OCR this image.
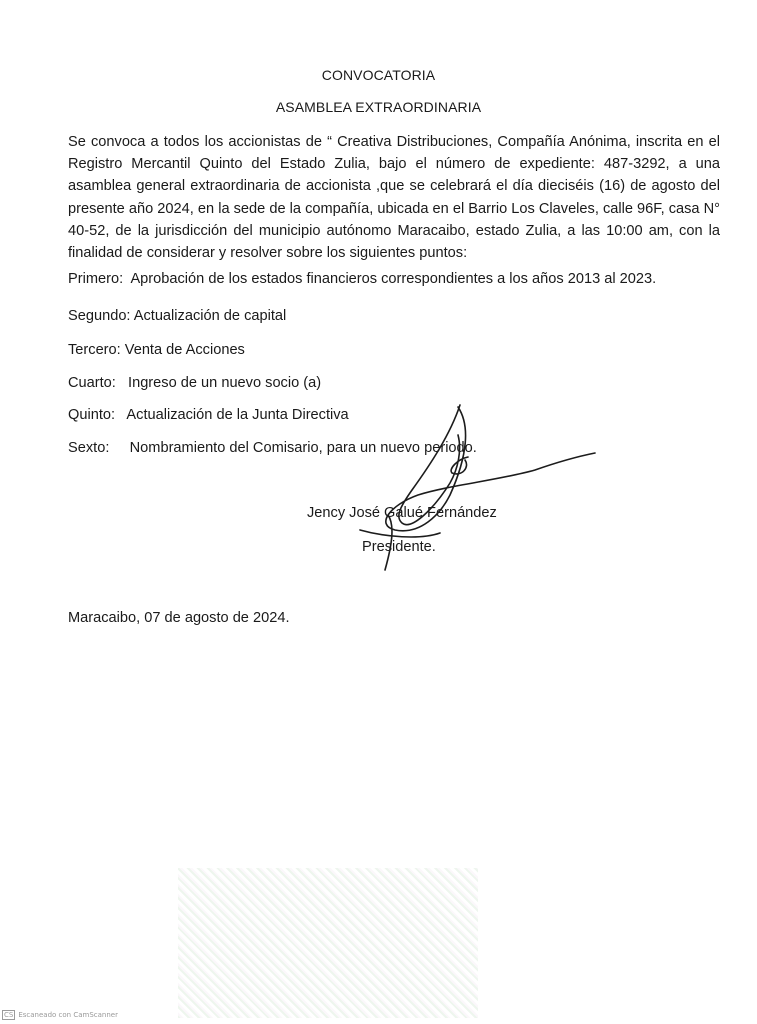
CONVOCATORIA
ASAMBLEA EXTRAORDINARIA
Se convoca a todos los accionistas de “ Creativa Distribuciones, Compañía Anónima, inscrita en el Registro Mercantil Quinto del Estado Zulia, bajo el número de expediente: 487-3292, a una asamblea general extraordinaria de accionista ,que se celebrará el día dieciséis (16) de agosto del presente año 2024, en la sede de la compañía, ubicada en el Barrio Los Claveles, calle 96F, casa N° 40-52, de la jurisdicción del municipio autónomo Maracaibo, estado Zulia, a las 10:00 am, con la finalidad de considerar y resolver sobre los siguientes puntos:
Primero:  Aprobación de los estados financieros correspondientes a los años 2013 al 2023.
Segundo: Actualización de capital
Tercero: Venta de Acciones
Cuarto:   Ingreso de un nuevo socio (a)
Quinto:   Actualización de la Junta Directiva
Sexto:     Nombramiento del Comisario, para un nuevo periodo.
Jency José Galué Fernández
Presidente.
Maracaibo, 07 de agosto de 2024.
CS Escaneado con CamScanner
